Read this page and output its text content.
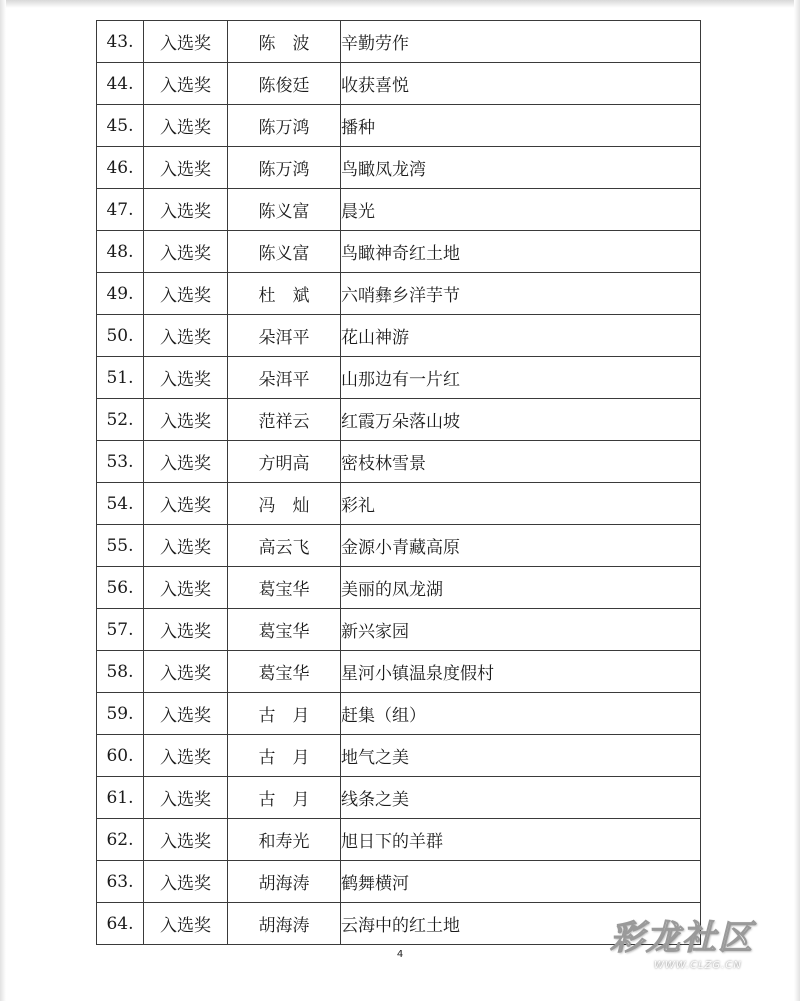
43.	入选奖	陈　波	辛勤劳作
44.	入选奖	陈俊廷	收获喜悦
45.	入选奖	陈万鸿	播种
46.	入选奖	陈万鸿	鸟瞰凤龙湾
47.	入选奖	陈义富	晨光
48.	入选奖	陈义富	鸟瞰神奇红土地
49.	入选奖	杜　斌	六哨彝乡洋芋节
50.	入选奖	朵洱平	花山神游
51.	入选奖	朵洱平	山那边有一片红
52.	入选奖	范祥云	红霞万朵落山坡
53.	入选奖	方明高	密枝林雪景
54.	入选奖	冯　灿	彩礼
55.	入选奖	高云飞	金源小青藏高原
56.	入选奖	葛宝华	美丽的凤龙湖
57.	入选奖	葛宝华	新兴家园
58.	入选奖	葛宝华	星河小镇温泉度假村
59.	入选奖	古　月	赶集（组）
60.	入选奖	古　月	地气之美
61.	入选奖	古　月	线条之美
62.	入选奖	和寿光	旭日下的羊群
63.	入选奖	胡海涛	鹤舞横河
64.	入选奖	胡海涛	云海中的红土地
4	彩龙社区
WWW.CLZG.CN
